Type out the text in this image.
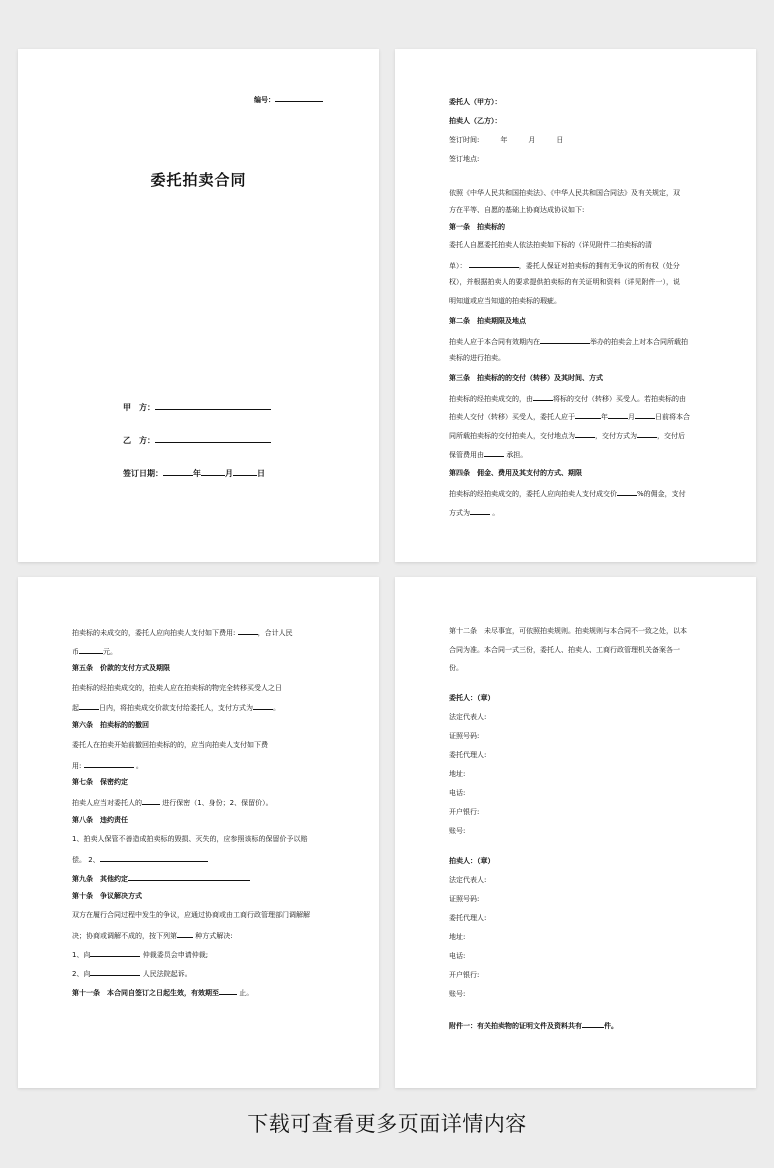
编号：
委托拍卖合同
甲　方：
乙　方：
签订日期：	年	月	日
委托人（甲方）：
拍卖人（乙方）：
签订时间:　　　年　　　月　　　日
签订地点:
依照《中华人民共和国拍卖法》、《中华人民共和国合同法》及有关规定，双
方在平等、自愿的基础上协商达成协议如下:
第一条　拍卖标的
委托人自愿委托拍卖人依法拍卖如下标的（详见附件二拍卖标的清
单）：	，委托人保证对拍卖标的拥有无争议的所有权（处分
权），并根据拍卖人的要求提供拍卖标的有关证明和资料（详见附件一），说
明知道或应当知道的拍卖标的瑕疵。
第二条　拍卖期限及地点
拍卖人应于本合同有效期内在	举办的拍卖会上对本合同所载拍
卖标的进行拍卖。
第三条　拍卖标的的交付（转移）及其时间、方式
拍卖标的经拍卖成交的，由	将标的交付（转移）买受人。若拍卖标的由
拍卖人交付（转移）买受人，委托人应于	年	月	日前将本合
同所载拍卖标的交付拍卖人，交付地点为	，交付方式为	，交付后
保管费用由	承担。
第四条　佣金、费用及其支付的方式、期限
拍卖标的经拍卖成交的，委托人应向拍卖人支付成交价	%的佣金，支付
方式为	。
拍卖标的未成交的，委托人应向拍卖人支付如下费用:	，合计人民
币	元。
第五条　价款的支付方式及期限
拍卖标的经拍卖成交的，拍卖人应在拍卖标的物完全转移买受人之日
起	日内，将拍卖成交价款支付给委托人，支付方式为	。
第六条　拍卖标的的撤回
委托人在拍卖开始前撤回拍卖标的的，应当向拍卖人支付如下费
用:	。
第七条　保密约定
拍卖人应当对委托人的	进行保密（1、身份；2、保留价）。
第八条　违约责任
1、拍卖人保管不善造成拍卖标的毁损、灭失的，应参照该标的保留价予以赔
偿。 2、
第九条　其他约定
第十条　争议解决方式
双方在履行合同过程中发生的争议，应通过协商或由工商行政管理部门调解解
决；协商或调解不成的，按下列第 种方式解决:
1、向	仲裁委员会申请仲裁;
2、向	人民法院起诉。
第十一条　本合同自签订之日起生效，有效期至	止。
第十二条　未尽事宜，可依照拍卖规则。拍卖规则与本合同不一致之处，以本
合同为准。本合同一式三份，委托人、拍卖人、工商行政管理机关备案各一
份。
委托人：（章）
法定代表人:
证照号码:
委托代理人:
地址:
电话:
开户银行:
账号:
拍卖人：（章）
法定代表人:
证照号码:
委托代理人:
地址:
电话:
开户银行:
账号:
附件一：有关拍卖物的证明文件及资料共有	件。
下载可查看更多页面详情内容
